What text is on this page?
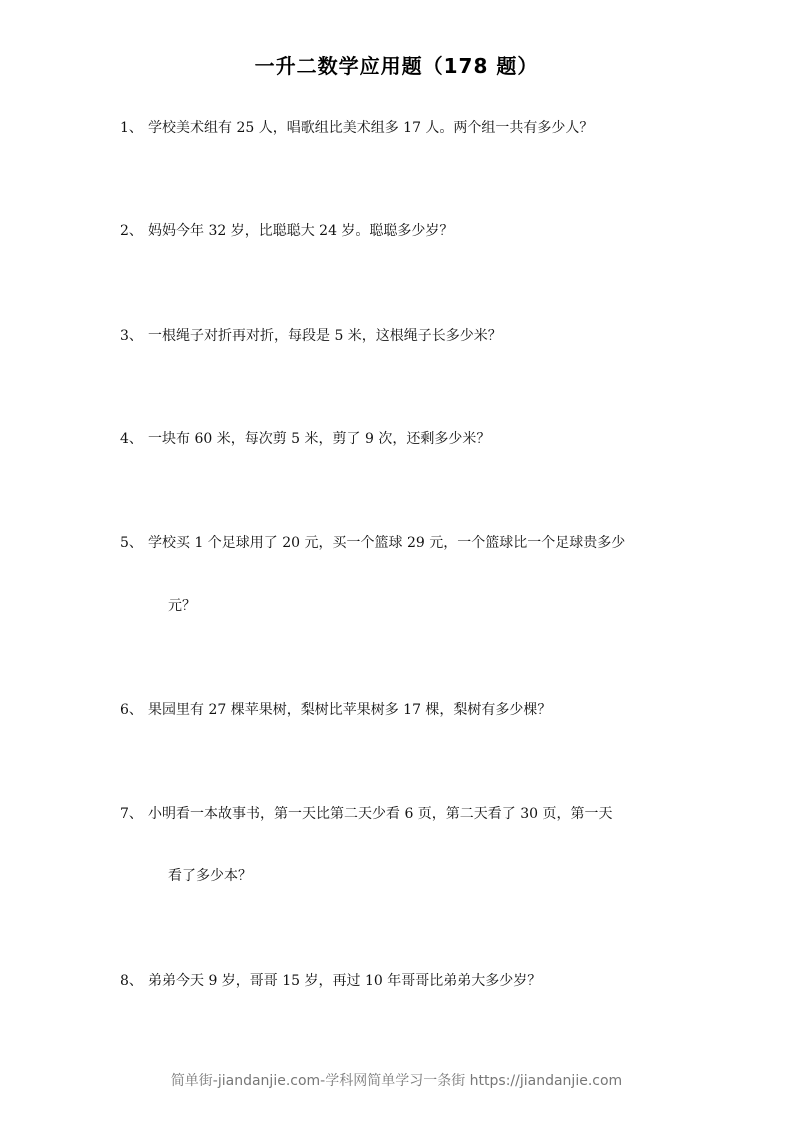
一升二数学应用题（178 题）
1、 学校美术组有 25 人，唱歌组比美术组多 17 人。两个组一共有多少人？
2、 妈妈今年 32 岁，比聪聪大 24 岁。聪聪多少岁？
3、 一根绳子对折再对折，每段是 5 米，这根绳子长多少米？
4、 一块布 60 米，每次剪 5 米，剪了 9 次，还剩多少米？
5、 学校买 1 个足球用了 20 元，买一个篮球 29 元，一个篮球比一个足球贵多少
元？
6、 果园里有 27 棵苹果树，梨树比苹果树多 17 棵，梨树有多少棵？
7、 小明看一本故事书，第一天比第二天少看 6 页，第二天看了 30 页，第一天
看了多少本？
8、 弟弟今天 9 岁，哥哥 15 岁，再过 10 年哥哥比弟弟大多少岁？
简单街-jiandanjie.com-学科网简单学习一条街 https://jiandanjie.com
